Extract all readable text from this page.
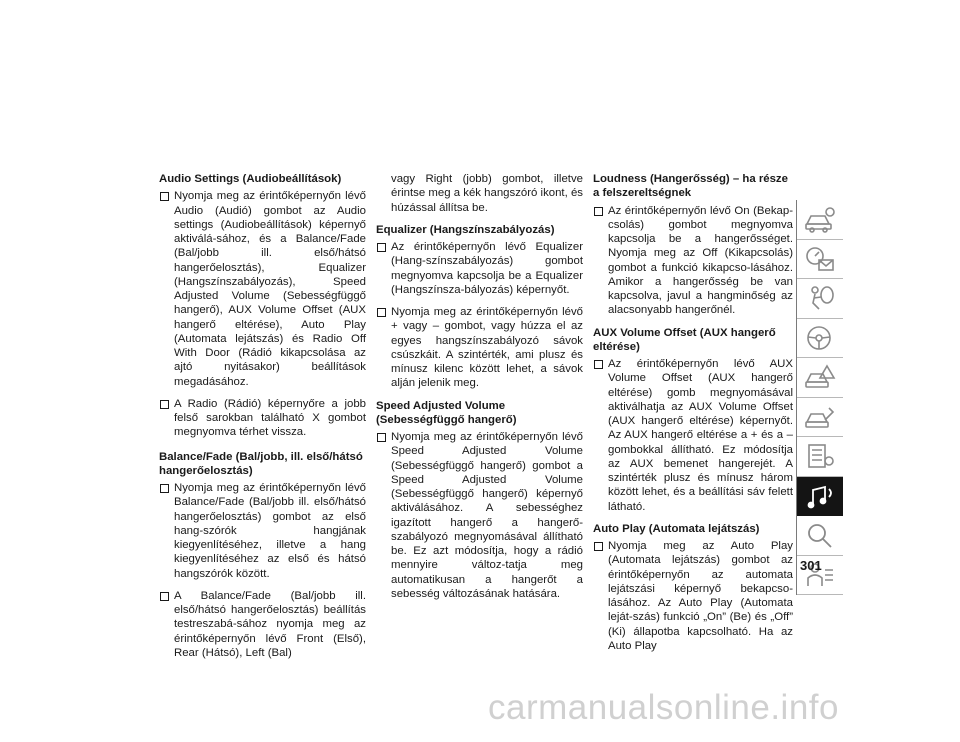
Audio Settings (Audiobeállítások)
Nyomja meg az érintőképernyőn lévő Audio (Audió) gombot az Audio settings (Audiobeállítások) képernyő aktiválá-sához, és a Balance/Fade (Bal/jobb ill. első/hátsó hangerőelosztás), Equalizer (Hangszínszabályozás), Speed Adjusted Volume (Sebességfüggő hangerő), AUX Volume Offset (AUX hangerő eltérése), Auto Play (Automata lejátszás) és Radio Off With Door (Rádió kikapcsolása az ajtó nyitásakor) beállítások megadásához.
A Radio (Rádió) képernyőre a jobb felső sarokban található X gombot megnyomva térhet vissza.
Balance/Fade (Bal/jobb, ill. első/hátsó hangerőelosztás)
Nyomja meg az érintőképernyőn lévő Balance/Fade (Bal/jobb ill. első/hátsó hangerőelosztás) gombot az első hang-szórók hangjának kiegyenlítéséhez, illetve a hang kiegyenlítéséhez az első és hátsó hangszórók között.
A Balance/Fade (Bal/jobb ill. első/hátsó hangerőelosztás) beállítás testreszabá-sához nyomja meg az érintőképernyőn lévő Front (Első), Rear (Hátsó), Left (Bal)
vagy Right (jobb) gombot, illetve érintse meg a kék hangszóró ikont, és húzással állítsa be.
Equalizer (Hangszínszabályozás)
Az érintőképernyőn lévő Equalizer (Hang-színszabályozás) gombot megnyomva kapcsolja be a Equalizer (Hangszínsza-bályozás) képernyőt.
Nyomja meg az érintőképernyőn lévő + vagy – gombot, vagy húzza el az egyes hangszínszabályozó sávok csúszkáit. A szintérték, ami plusz és mínusz kilenc között lehet, a sávok alján jelenik meg.
Speed Adjusted Volume (Sebességfüggő hangerő)
Nyomja meg az érintőképernyőn lévő Speed Adjusted Volume (Sebességfüggő hangerő) gombot a Speed Adjusted Volume (Sebességfüggő hangerő) képernyő aktiválásához. A sebességhez igazított hangerő a hangerő-szabályozó megnyomásával állítható be. Ez azt módosítja, hogy a rádió mennyire változ-tatja meg automatikusan a hangerőt a sebesség változásának hatására.
Loudness (Hangerősség) – ha része a felszereltségnek
Az érintőképernyőn lévő On (Bekap-csolás) gombot megnyomva kapcsolja be a hangerősséget. Nyomja meg az Off (Kikapcsolás) gombot a funkció kikapcso-lásához. Amikor a hangerősség be van kapcsolva, javul a hangminőség az alacsonyabb hangerőnél.
AUX Volume Offset (AUX hangerő eltérése)
Az érintőképernyőn lévő AUX Volume Offset (AUX hangerő eltérése) gomb megnyomásával aktiválhatja az AUX Volume Offset (AUX hangerő eltérése) képernyőt. Az AUX hangerő eltérése a + és a – gombokkal állítható. Ez módosítja az AUX bemenet hangerejét. A szintérték plusz és mínusz három között lehet, és a beállítási sáv felett látható.
Auto Play (Automata lejátszás)
Nyomja meg az Auto Play (Automata lejátszás) gombot az érintőképernyőn az automata lejátszási képernyő bekapcso-lásához. Az Auto Play (Automata leját-szás) funkció „On” (Be) és „Off” (Ki) állapotba kapcsolható. Ha az Auto Play
301
carmanualsonline.info
